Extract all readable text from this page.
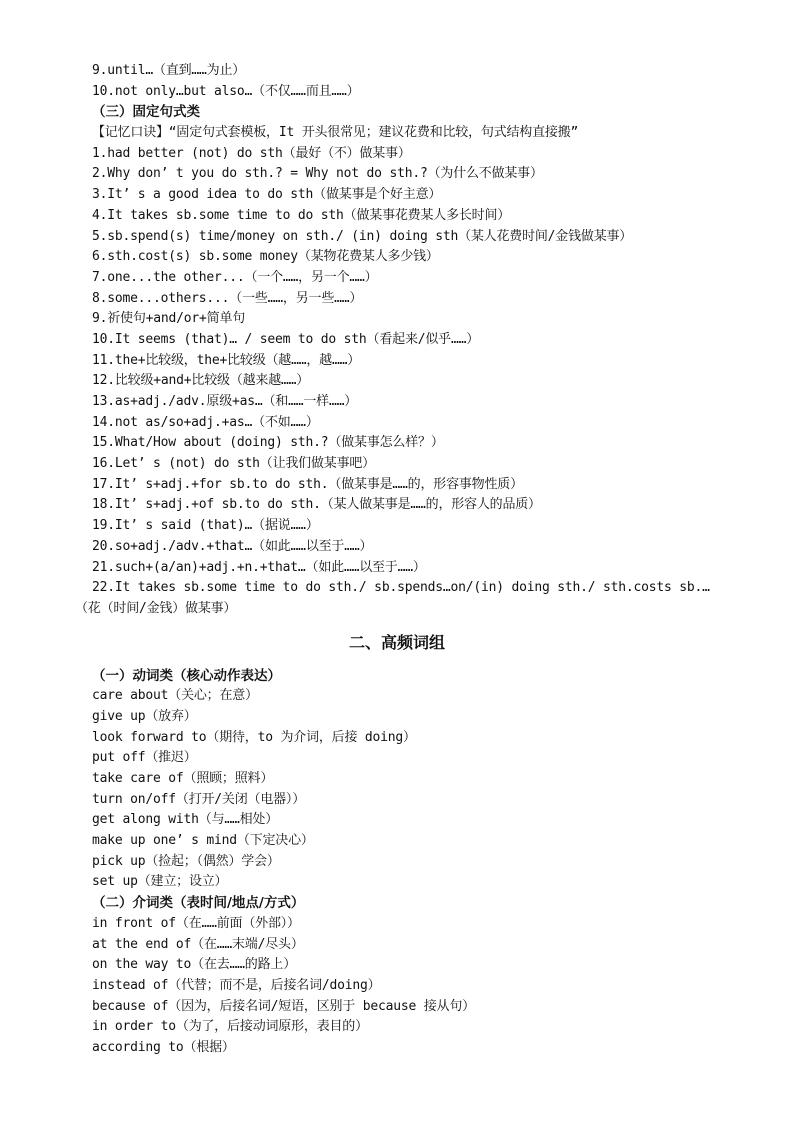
9.until…（直到……为止）
10.not only…but also…（不仅……而且……）
（三）固定句式类
【记忆口诀】“固定句式套模板，It 开头很常见；建议花费和比较，句式结构直接搬”
1.had better (not) do sth（最好（不）做某事）
2.Why don’ t you do sth.? = Why not do sth.?（为什么不做某事）
3.It’ s a good idea to do sth（做某事是个好主意）
4.It takes sb.some time to do sth（做某事花费某人多长时间）
5.sb.spend(s) time/money on sth./ (in) doing sth（某人花费时间/金钱做某事）
6.sth.cost(s) sb.some money（某物花费某人多少钱）
7.one...the other...（一个……，另一个……）
8.some...others...（一些……，另一些……）
9.祈使句+and/or+简单句
10.It seems (that)… / seem to do sth（看起来/似乎……）
11.the+比较级，the+比较级（越……，越……）
12.比较级+and+比较级（越来越……）
13.as+adj./adv.原级+as…（和……一样……）
14.not as/so+adj.+as…（不如……）
15.What/How about (doing) sth.?（做某事怎么样？）
16.Let’ s (not) do sth（让我们做某事吧）
17.It’ s+adj.+for sb.to do sth.（做某事是……的，形容事物性质）
18.It’ s+adj.+of sb.to do sth.（某人做某事是……的，形容人的品质）
19.It’ s said (that)…（据说……）
20.so+adj./adv.+that…（如此……以至于……）
21.such+(a/an)+adj.+n.+that…（如此……以至于……）
22.It takes sb.some time to do sth./ sb.spends…on/(in) doing sth./ sth.costs sb.…
（花（时间/金钱）做某事）
二、高频词组
（一）动词类（核心动作表达）
care about（关心；在意）
give up（放弃）
look forward to（期待，to 为介词，后接 doing）
put off（推迟）
take care of（照顾；照料）
turn on/off（打开/关闭（电器））
get along with（与……相处）
make up one’ s mind（下定决心）
pick up（捡起；（偶然）学会）
set up（建立；设立）
（二）介词类（表时间/地点/方式）
in front of（在……前面（外部））
at the end of（在……末端/尽头）
on the way to（在去……的路上）
instead of（代替；而不是，后接名词/doing）
because of（因为，后接名词/短语，区别于 because 接从句）
in order to（为了，后接动词原形，表目的）
according to（根据）
